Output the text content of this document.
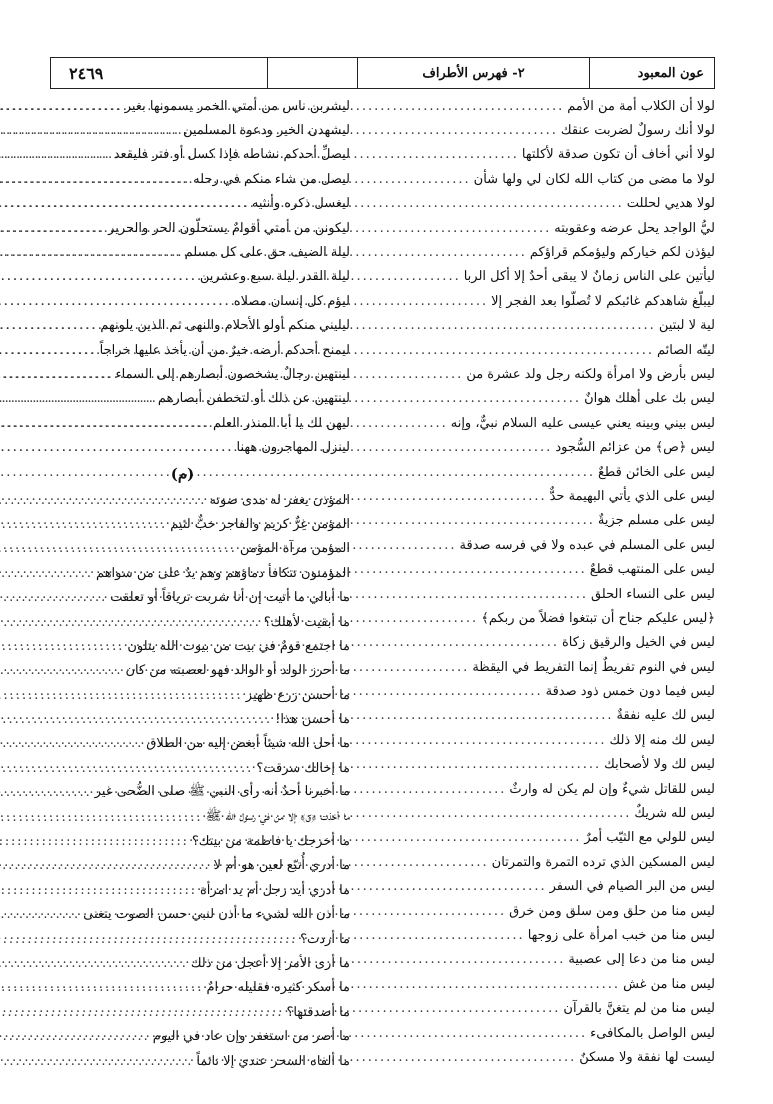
عون المعبود
٢- فهرس الأطراف
٢٤٦٩
لولا أن الكلاب أمة من الأمم
.....
لولا أنك رسولٌ لضربت عنقك
.....
لولا أني أخاف أن تكون صدقة لأكلتها
.....
لولا ما مضى من كتاب الله لكان لي ولها شأن
.....
لولا هديي لحللت
.....
ليُّ الواجد يحل عرضه وعقوبته
.....
ليؤذن لكم خياركم وليؤمكم قراؤكم
.....
ليأتين على الناس زمانٌ لا يبقى أحدٌ إلا أكل الربا
.....
ليبلّغ شاهدكم غائبكم لا تُصلّوا بعد الفجر إلا
.....
لية لا لبتين
.....
ليتّه الصائم
.....
ليس بأرض ولا امرأة ولكنه رجل ولد عشرة من
.....
ليس بك على أهلك هوانٌ
.....
ليس بيني وبينه يعني عيسى عليه السلام نبيٌّ، وإنه
.....
ليس ﴿ص﴾ من عزائم السُّجود
.....
ليس على الخائن قطعٌ
.....
ليس على الذي يأتي البهيمة حدٌّ
.....
ليس على مسلم جزيةٌ
.....
ليس على المسلم في عبده ولا في فرسه صدقة
.....
ليس على المنتهب قطعٌ
.....
ليس على النساء الحلق
.....
﴿ليس عليكم جناح أن تبتغوا فضلاً من ربكم﴾
.....
ليس في الخيل والرقيق زكاة
.....
ليس في النوم تفريطٌ إنما التفريط في اليقظة
.....
ليس فيما دون خمس ذود صدقة
.....
ليس لك عليه نفقةٌ
.....
ليس لك منه إلا ذلك
.....
ليس لك ولا لأصحابك
.....
ليس للقاتل شيءٌ وإن لم يكن له وارثٌ
.....
ليس لله شريكٌ
.....
ليس للولي مع الثيّب أمرٌ
.....
ليس المسكين الذي ترده التمرة والتمرتان
.....
ليس من البر الصيام في السفر
.....
ليس منا من حلق ومن سلق ومن خرق
.....
ليس منا من خبب امرأة على زوجها
.....
ليس منا من دعا إلى عصبية
.....
ليس منا من غش
.....
ليس منا من لم يتغنَّ بالقرآن
.....
ليس الواصل بالمكافىء
.....
ليست لها نفقة ولا مسكنٌ
.....
ليشربن ناس من أمتي الخمر يسمونها بغير
.....
ليشهدن الخير ودعوة المسلمين
.....
ليصلِّ أحدكم نشاطه فإذا كسل أو فتر فليقعد
.....
ليصل من شاء منكم في رحله
.....
ليغسل ذكره وأنثيه
.....
ليكونن من أمتي أقوامٌ يستحلّون الحر والحرير
.....
ليلة الضيف حق على كل مسلم
.....
ليلة القدر ليلة سبع وعشرين
.....
ليؤم كل إنسان مصلاه
.....
ليليني منكم أولو الأحلام والنهى ثم الذين يلونهم
.....
ليمنح أحدكم أرضه خيرٌ من أن يأخذ عليها خراجاً
.....
لينتهين رجالٌ يشخصون أبصارهم إلى السماء
.....
لينتهين عن ذلك أو لتخطفن أبصارهم
.....
ليهن لك يا أبا المنذر العلم
.....
لينزل المهاجرون ههنا
.....
(م)
المؤذن يغفر له مدى صوته
.....
المؤمن غِرٌّ كريم والفاجر خبٌّ لئيم
.....
المؤمن مرآة المؤمن
.....
المؤمنون تتكافأ دماؤهم وهم يدٌ على من سواهم
.....
ما أبالي ما أتيت إن أنا شربت ترياقاً أو تعلقت
.....
ما أبقيت لأهلك؟
.....
ما اجتمع قومٌ في بيت من بيوت الله يتلون
.....
ما أحرز الولد أو الوالد فهو لعصبته من كان
.....
ما أحسن زرع ظهير
.....
ما أحسن هذا!
.....
ما أحل الله شيئاً أبغض إليه من الطلاق
.....
ما إخالك سرقت؟
.....
ما أخبرنا أحدٌ أنه رأى النبي ﷺ صلى الضُّحى غير
.....
ما أخذت ﴿ق﴾ إلا من في رسول الله ﷺ
.....
ما أخرجك يا فاطمة من بيتك؟
.....
ما أدري أُتبّع لعين هو أم لا
.....
ما أدري أيد رجل أم يد امرأة
.....
ما أذن الله لشيء ما أذن لنبي حسن الصوت يتغنى
.....
ما أردت؟
.....
ما أرى الأمر إلا أعجل من ذلك
.....
ما أسكر كثيره فقليله حرامٌ
.....
ما أصدقتها؟
.....
ما أصر من استغفر وإن عاد في اليوم
.....
ما ألفاه السحر عندي إلا نائماً
.....
